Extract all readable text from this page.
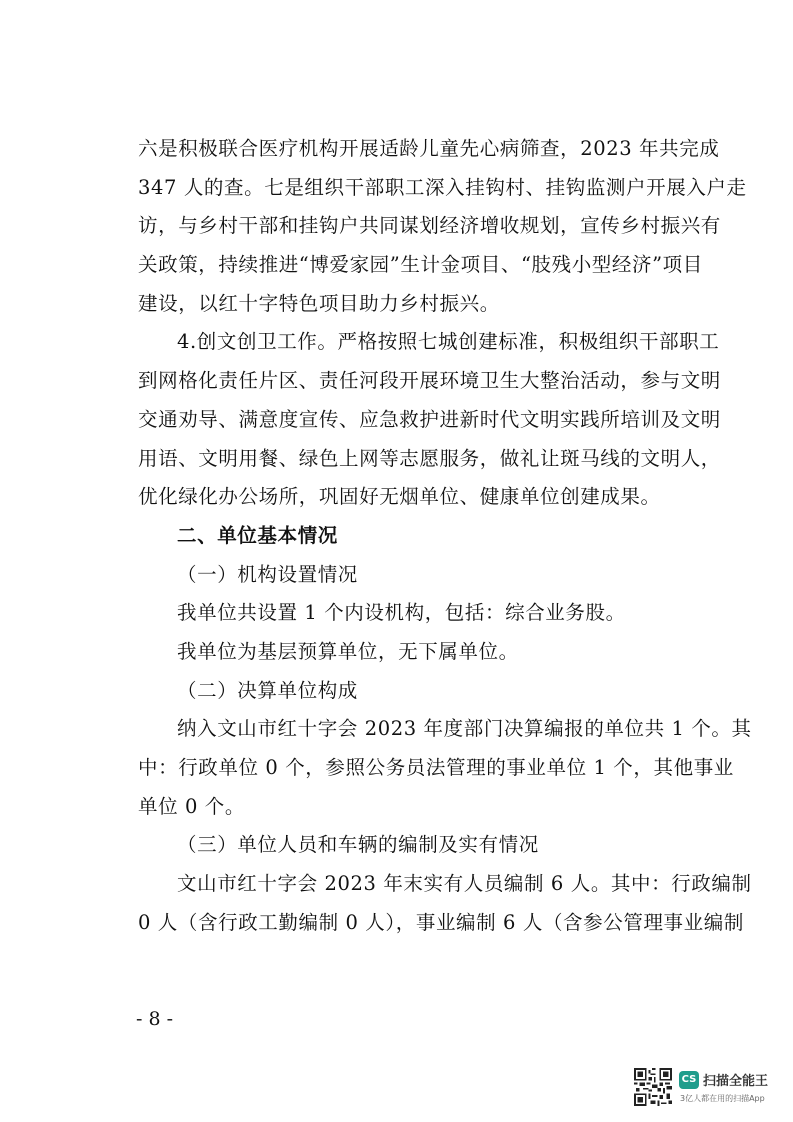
六是积极联合医疗机构开展适龄儿童先心病筛查，2023 年共完成
347 人的查。七是组织干部职工深入挂钩村、挂钩监测户开展入户走
访，与乡村干部和挂钩户共同谋划经济增收规划，宣传乡村振兴有
关政策，持续推进“博爱家园”生计金项目、“肢残小型经济”项目
建设，以红十字特色项目助力乡村振兴。
4.创文创卫工作。严格按照七城创建标准，积极组织干部职工
到网格化责任片区、责任河段开展环境卫生大整治活动，参与文明
交通劝导、满意度宣传、应急救护进新时代文明实践所培训及文明
用语、文明用餐、绿色上网等志愿服务，做礼让斑马线的文明人，
优化绿化办公场所，巩固好无烟单位、健康单位创建成果。
二、单位基本情况
（一）机构设置情况
我单位共设置 1 个内设机构，包括：综合业务股。
我单位为基层预算单位，无下属单位。
（二）决算单位构成
纳入文山市红十字会 2023 年度部门决算编报的单位共 1 个。其
中：行政单位 0 个，参照公务员法管理的事业单位 1 个，其他事业
单位 0 个。
（三）单位人员和车辆的编制及实有情况
文山市红十字会 2023 年末实有人员编制 6 人。其中：行政编制
0 人（含行政工勤编制 0 人），事业编制 6 人（含参公管理事业编制
- 8 -
CS 扫描全能王
3亿人都在用的扫描App
